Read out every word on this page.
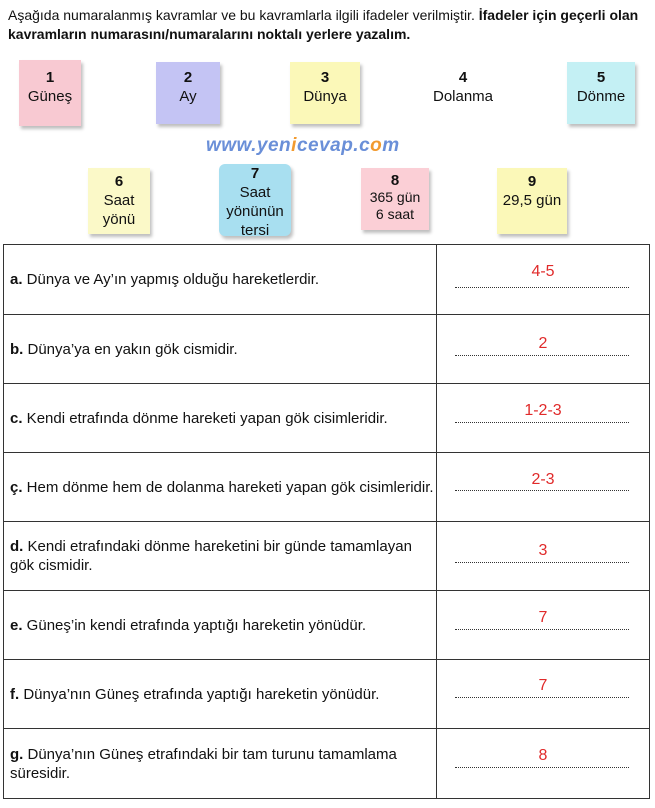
Aşağıda numaralanmış kavramlar ve bu kavramlarla ilgili ifadeler verilmiştir. İfadeler için geçerli olan kavramların numarasını/numaralarını noktalı yerlere yazalım.
1
Güneş
2
Ay
3
Dünya
4
Dolanma
5
Dönme
www.yenicevap.com
6
Saat
yönü
7
Saat
yönünün
tersi
8
365 gün
6 saat
9
29,5 gün
a. Dünya ve Ay’ın yapmış olduğu hareketlerdir.	4-5

b. Dünya’ya en yakın gök cismidir.	2

c. Kendi etrafında dönme hareketi yapan gök cisimleridir.	1-2-3

ç. Hem dönme hem de dolanma hareketi yapan gök cisimleridir.	2-3

d. Kendi etrafındaki dönme hareketini bir günde tamamlayan gök cismidir.	3

e. Güneş’in kendi etrafında yaptığı hareketin yönüdür.	7

f. Dünya’nın Güneş etrafında yaptığı hareketin yönüdür.	7

g. Dünya’nın Güneş etrafındaki bir tam turunu tamamlama süresidir.	8
